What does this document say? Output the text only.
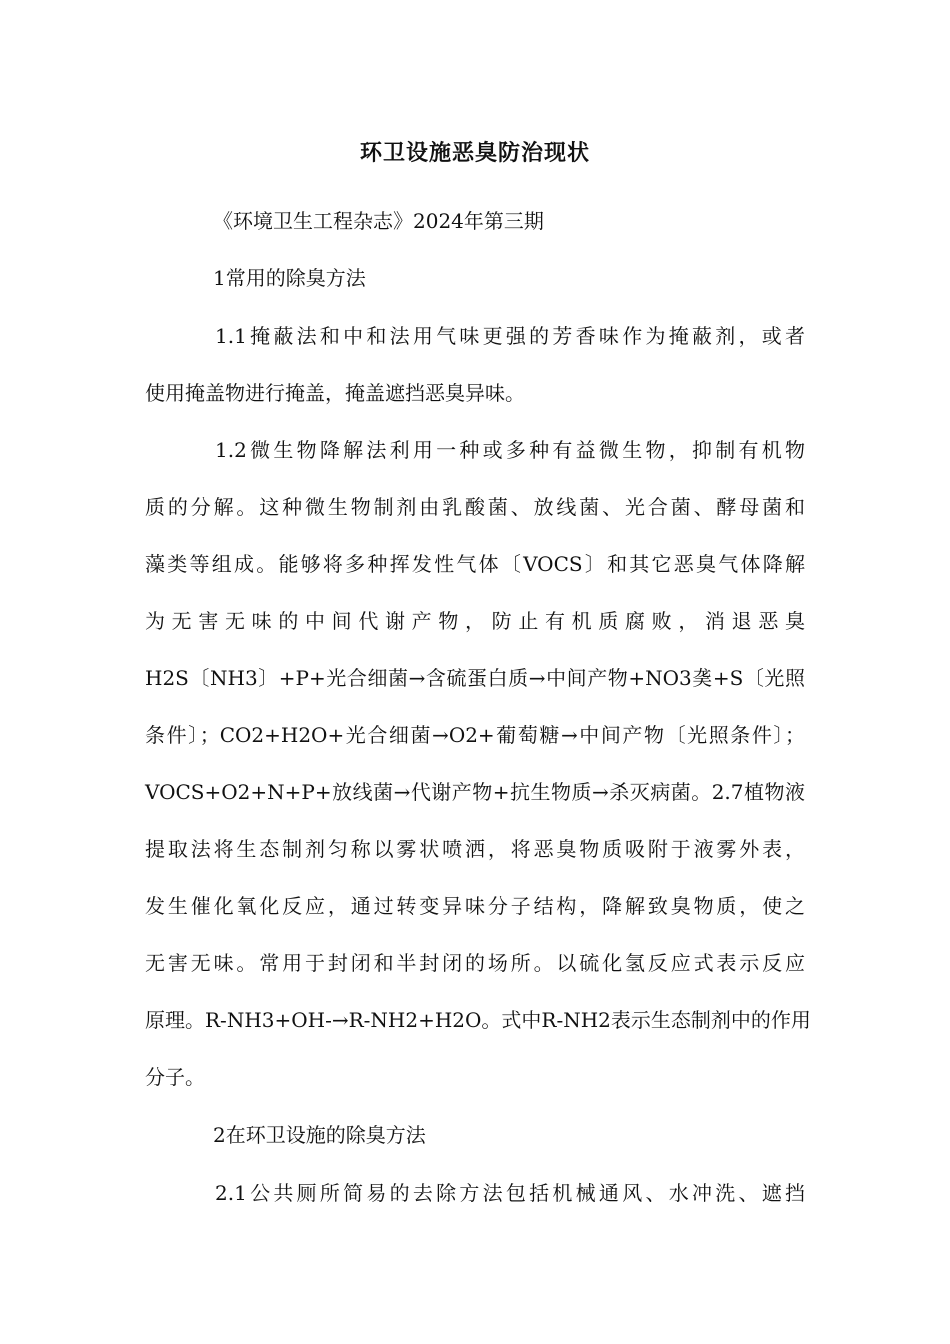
环卫设施恶臭防治现状

《环境卫生工程杂志》2024年第三期

1常用的除臭方法

1.1掩蔽法和中和法用气味更强的芳香味作为掩蔽剂，或者

使用掩盖物进行掩盖，掩盖遮挡恶臭异味。

1.2微生物降解法利用一种或多种有益微生物，抑制有机物

质的分解。这种微生物制剂由乳酸菌、放线菌、光合菌、酵母菌和

藻类等组成。能够将多种挥发性气体〔VOCS〕和其它恶臭气体降解

为无害无味的中间代谢产物，防止有机质腐败，消退恶臭

H2S〔NH3〕+P+光合细菌→含硫蛋白质→中间产物+NO3䶮+S〔光照

条件〕；CO2+H2O+光合细菌→O2+葡萄糖→中间产物〔光照条件〕；

VOCS+O2+N+P+放线菌→代谢产物+抗生物质→杀灭病菌。2.7植物液

提取法将生态制剂匀称以雾状喷洒，将恶臭物质吸附于液雾外表，

发生催化氧化反应，通过转变异味分子结构，降解致臭物质，使之

无害无味。常用于封闭和半封闭的场所。以硫化氢反应式表示反应

原理。R-NH3+OH-→R-NH2+H2O。式中R-NH2表示生态制剂中的作用

分子。

2在环卫设施的除臭方法

2.1公共厕所简易的去除方法包括机械通风、水冲洗、遮挡
